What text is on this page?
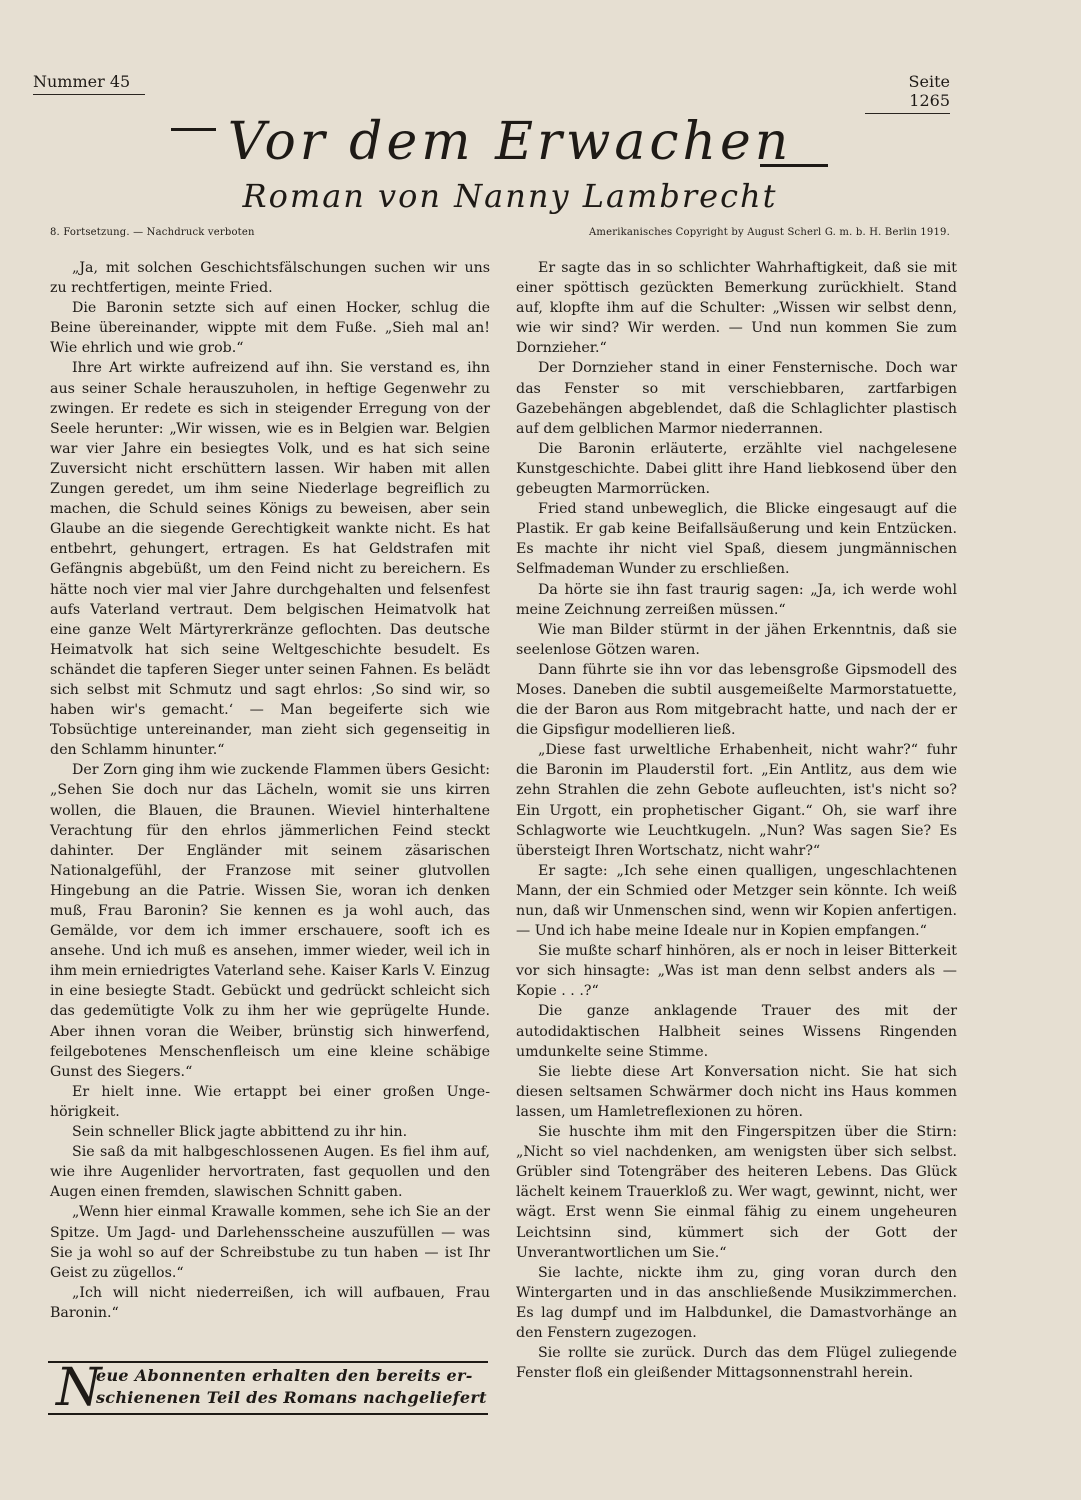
Nummer 45	Seite 1265
Vor dem Erwachen
Roman von Nanny Lambrecht
8. Fortsetzung. — Nachdruck verboten	Amerikanisches Copyright by August Scherl G. m. b. H. Berlin 1919.

„Ja, mit solchen Geschichtsfälschungen suchen wir uns zu rechtfertigen, meinte Fried.

Die Baronin setzte sich auf einen Hocker, schlug die Beine übereinander, wippte mit dem Fuße. „Sieh mal an! Wie ehrlich und wie grob.“

Ihre Art wirkte aufreizend auf ihn. Sie verstand es, ihn aus seiner Schale herauszuholen, in heftige Gegenwehr zu zwingen. Er redete es sich in steigender Erregung von der Seele herunter: „Wir wissen, wie es in Belgien war. Belgien war vier Jahre ein besiegtes Volk, und es hat sich seine Zuversicht nicht erschüttern lassen. Wir haben mit allen Zungen geredet, um ihm seine Niederlage begreiflich zu machen, die Schuld seines Königs zu beweisen, aber sein Glaube an die siegende Gerechtigkeit wankte nicht. Es hat entbehrt, gehungert, ertragen. Es hat Geldstrafen mit Gefängnis abgebüßt, um den Feind nicht zu bereichern. Es hätte noch vier mal vier Jahre durchgehalten und felsenfest aufs Vaterland vertraut. Dem belgischen Heimatvolk hat eine ganze Welt Märtyrerkränze geflochten. Das deutsche Heimatvolk hat sich seine Weltgeschichte besudelt. Es schändet die tapferen Sieger unter seinen Fahnen. Es belädt sich selbst mit Schmutz und sagt ehrlos: ‚So sind wir, so haben wir's gemacht.‘ — Man begeiferte sich wie Tobsüchtige untereinander, man zieht sich gegenseitig in den Schlamm hinunter.“

Der Zorn ging ihm wie zuckende Flammen übers Gesicht: „Sehen Sie doch nur das Lächeln, womit sie uns kirren wollen, die Blauen, die Braunen. Wieviel hinterhaltene Verachtung für den ehrlos jämmerlichen Feind steckt dahinter. Der Engländer mit seinem zäsarischen Nationalgefühl, der Franzose mit seiner glutvollen Hingebung an die Patrie. Wissen Sie, woran ich denken muß, Frau Baronin? Sie kennen es ja wohl auch, das Gemälde, vor dem ich immer erschauere, sooft ich es ansehe. Und ich muß es ansehen, immer wieder, weil ich in ihm mein erniedrigtes Vaterland sehe. Kaiser Karls V. Einzug in eine besiegte Stadt. Gebückt und gedrückt schleicht sich das gedemütigte Volk zu ihm her wie geprügelte Hunde. Aber ihnen voran die Weiber, brünstig sich hinwerfend, feilgebotenes Menschenfleisch um eine kleine schäbige Gunst des Siegers.“

Er hielt inne. Wie ertappt bei einer großen Ungehörigkeit.

Sein schneller Blick jagte abbittend zu ihr hin.

Sie saß da mit halbgeschlossenen Augen. Es fiel ihm auf, wie ihre Augenlider hervortraten, fast gequollen und den Augen einen fremden, slawischen Schnitt gaben.

„Wenn hier einmal Krawalle kommen, sehe ich Sie an der Spitze. Um Jagd- und Darlehensscheine auszufüllen — was Sie ja wohl so auf der Schreibstube zu tun haben — ist Ihr Geist zu zügellos.“

„Ich will nicht niederreißen, ich will aufbauen, Frau Baronin.“

N
eue Abonnenten erhalten den bereits er-
schienenen Teil des Romans nachgeliefert

Er sagte das in so schlichter Wahrhaftigkeit, daß sie mit einer spöttisch gezückten Bemerkung zurückhielt. Stand auf, klopfte ihm auf die Schulter: „Wissen wir selbst denn, wie wir sind? Wir werden. — Und nun kommen Sie zum Dornzieher.“

Der Dornzieher stand in einer Fensternische. Doch war das Fenster so mit verschiebbaren, zartfarbigen Gazebehängen abgeblendet, daß die Schlaglichter plastisch auf dem gelblichen Marmor niederrannen.

Die Baronin erläuterte, erzählte viel nachgelesene Kunstgeschichte. Dabei glitt ihre Hand liebkosend über den gebeugten Marmorrücken.

Fried stand unbeweglich, die Blicke eingesaugt auf die Plastik. Er gab keine Beifallsäußerung und kein Entzücken. Es machte ihr nicht viel Spaß, diesem jungmännischen Selfmademan Wunder zu erschließen.

Da hörte sie ihn fast traurig sagen: „Ja, ich werde wohl meine Zeichnung zerreißen müssen.“

Wie man Bilder stürmt in der jähen Erkenntnis, daß sie seelenlose Götzen waren.

Dann führte sie ihn vor das lebensgroße Gipsmodell des Moses. Daneben die subtil ausgemeißelte Marmorstatuette, die der Baron aus Rom mitgebracht hatte, und nach der er die Gipsfigur modellieren ließ.

„Diese fast urweltliche Erhabenheit, nicht wahr?“ fuhr die Baronin im Plauderstil fort. „Ein Antlitz, aus dem wie zehn Strahlen die zehn Gebote aufleuchten, ist's nicht so? Ein Urgott, ein prophetischer Gigant.“ Oh, sie warf ihre Schlagworte wie Leuchtkugeln. „Nun? Was sagen Sie? Es übersteigt Ihren Wortschatz, nicht wahr?“

Er sagte: „Ich sehe einen qualligen, ungeschlachtenen Mann, der ein Schmied oder Metzger sein könnte. Ich weiß nun, daß wir Unmenschen sind, wenn wir Kopien anfertigen. — Und ich habe meine Ideale nur in Kopien empfangen.“

Sie mußte scharf hinhören, als er noch in leiser Bitterkeit vor sich hinsagte: „Was ist man denn selbst anders als — Kopie . . .?“

Die ganze anklagende Trauer des mit der autodidaktischen Halbheit seines Wissens Ringenden umdunkelte seine Stimme.

Sie liebte diese Art Konversation nicht. Sie hat sich diesen seltsamen Schwärmer doch nicht ins Haus kommen lassen, um Hamletreflexionen zu hören.

Sie huschte ihm mit den Fingerspitzen über die Stirn: „Nicht so viel nachdenken, am wenigsten über sich selbst. Grübler sind Totengräber des heiteren Lebens. Das Glück lächelt keinem Trauerkloß zu. Wer wagt, gewinnt, nicht, wer wägt. Erst wenn Sie einmal fähig zu einem ungeheuren Leichtsinn sind, kümmert sich der Gott der Unverantwortlichen um Sie.“

Sie lachte, nickte ihm zu, ging voran durch den Wintergarten und in das anschließende Musikzimmerchen. Es lag dumpf und im Halbdunkel, die Damastvorhänge an den Fenstern zugezogen.

Sie rollte sie zurück. Durch das dem Flügel zuliegende Fenster floß ein gleißender Mittagsonnenstrahl herein.
